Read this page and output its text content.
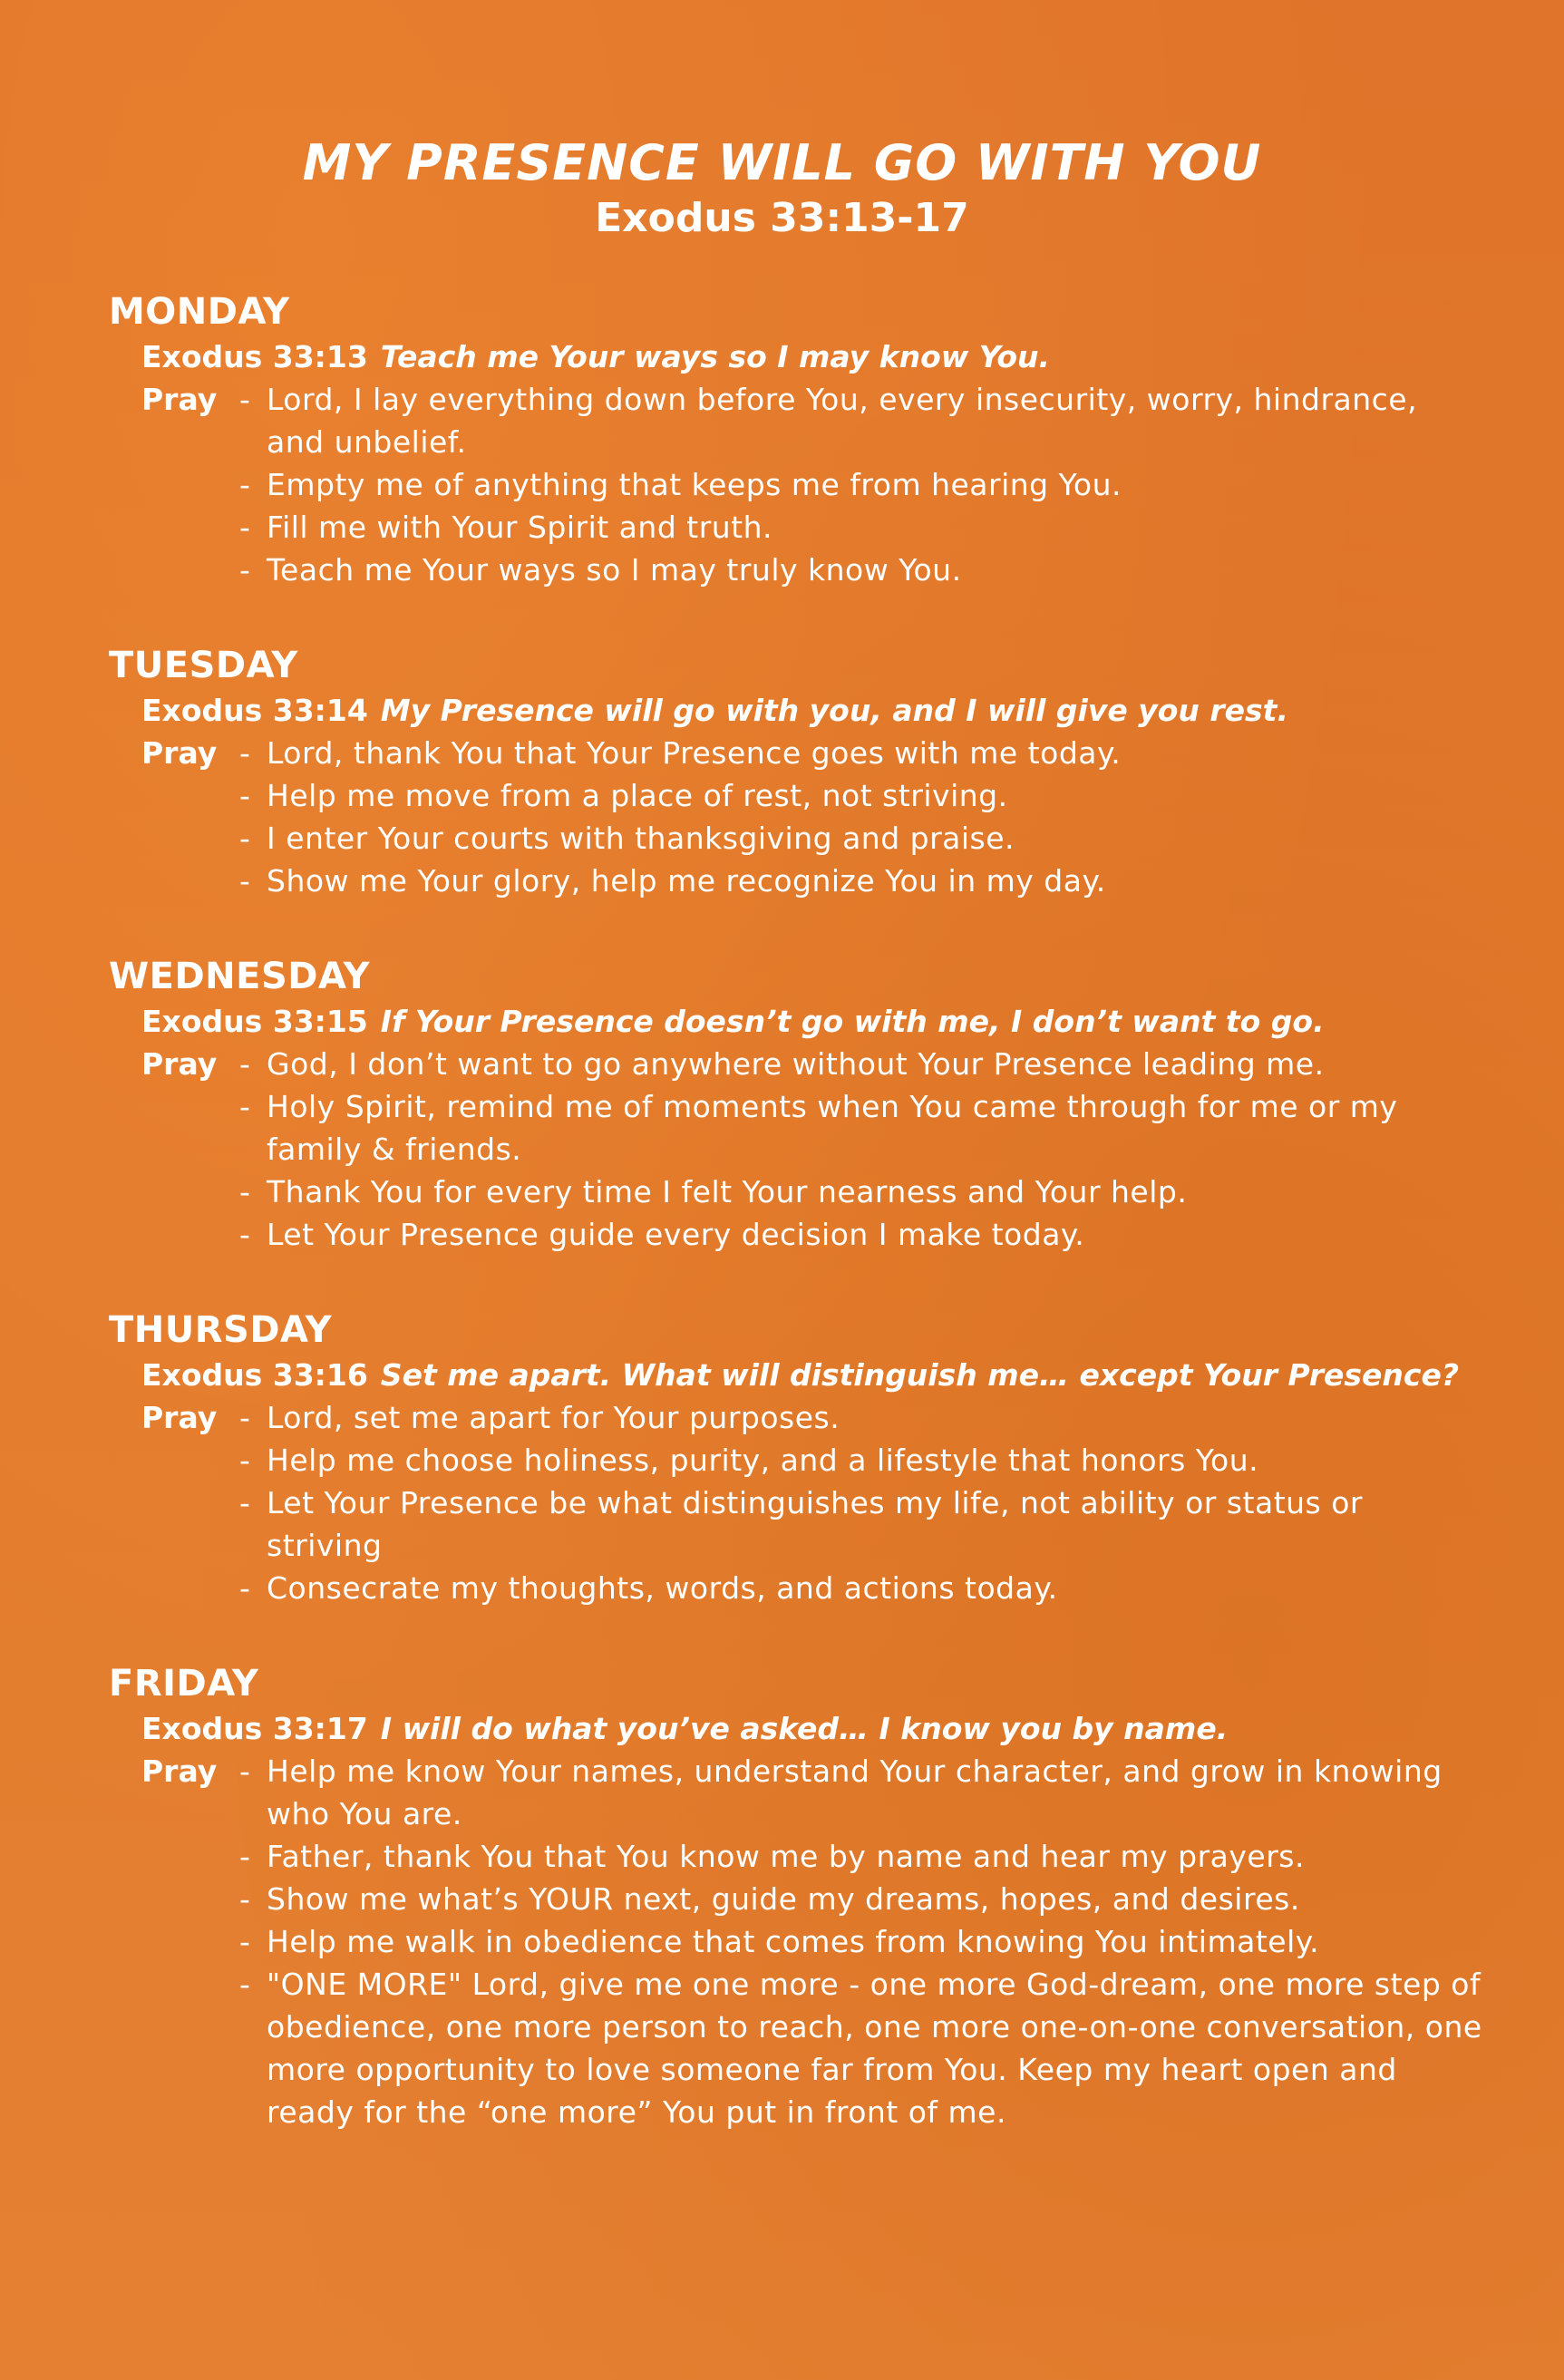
MY PRESENCE WILL GO WITH YOU
Exodus 33:13-17
MONDAY
Exodus 33:13 Teach me Your ways so I may know You.
Pray - Lord, I lay everything down before You, every insecurity, worry, hindrance, and unbelief.
- Empty me of anything that keeps me from hearing You.
- Fill me with Your Spirit and truth.
- Teach me Your ways so I may truly know You.
TUESDAY
Exodus 33:14 My Presence will go with you, and I will give you rest.
Pray - Lord, thank You that Your Presence goes with me today.
- Help me move from a place of rest, not striving.
- I enter Your courts with thanksgiving and praise.
- Show me Your glory, help me recognize You in my day.
WEDNESDAY
Exodus 33:15 If Your Presence doesn’t go with me, I don’t want to go.
Pray - God, I don’t want to go anywhere without Your Presence leading me.
- Holy Spirit, remind me of moments when You came through for me or my family & friends.
- Thank You for every time I felt Your nearness and Your help.
- Let Your Presence guide every decision I make today.
THURSDAY
Exodus 33:16 Set me apart. What will distinguish me… except Your Presence?
Pray - Lord, set me apart for Your purposes.
- Help me choose holiness, purity, and a lifestyle that honors You.
- Let Your Presence be what distinguishes my life, not ability or status or striving
- Consecrate my thoughts, words, and actions today.
FRIDAY
Exodus 33:17 I will do what you’ve asked… I know you by name.
Pray - Help me know Your names, understand Your character, and grow in knowing who You are.
- Father, thank You that You know me by name and hear my prayers.
- Show me what’s YOUR next, guide my dreams, hopes, and desires.
- Help me walk in obedience that comes from knowing You intimately.
- "ONE MORE" Lord, give me one more - one more God-dream, one more step of obedience, one more person to reach, one more one-on-one conversation, one more opportunity to love someone far from You. Keep my heart open and ready for the “one more” You put in front of me.
